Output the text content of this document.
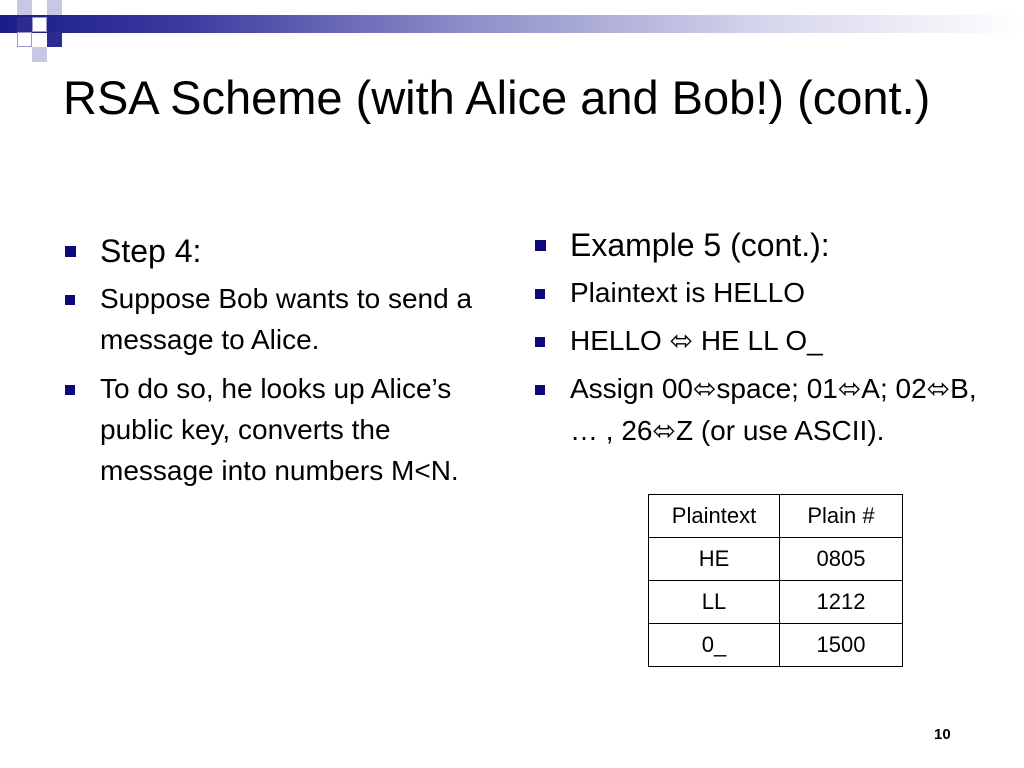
RSA Scheme (with Alice and Bob!) (cont.)
Step 4:
Suppose Bob wants to send a message to Alice.
To do so, he looks up Alice’s public key, converts the message into numbers M<N.
Example 5 (cont.):
Plaintext is HELLO
HELLO ⬄ HE LL O_
Assign 00⬄space; 01⬄A; 02⬄B, … , 26⬄Z (or use ASCII).
Plaintext	Plain #
HE	0805
LL	1212
0_	1500
10
